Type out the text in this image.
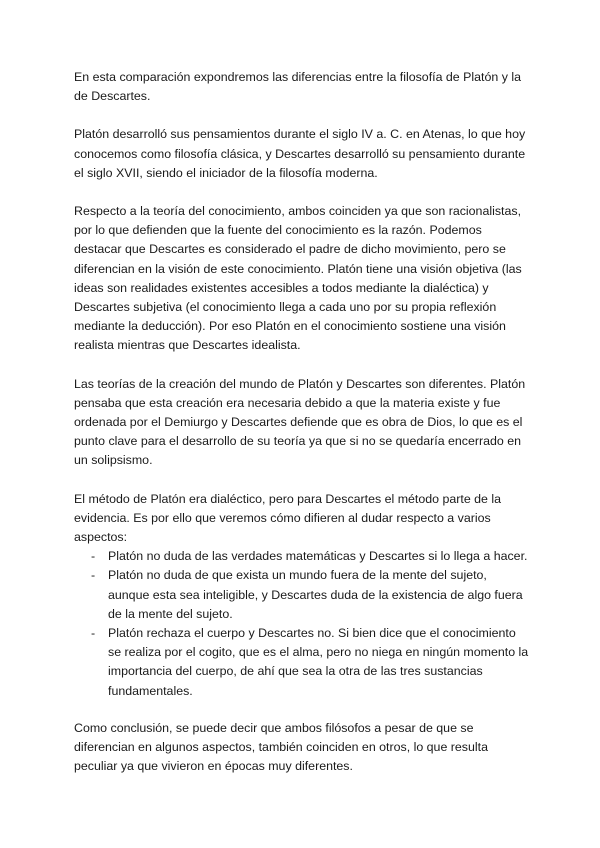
En esta comparación expondremos las diferencias entre la filosofía de Platón y la de Descartes.

Platón desarrolló sus pensamientos durante el siglo IV a. C. en Atenas, lo que hoy conocemos como filosofía clásica, y Descartes desarrolló su pensamiento durante el siglo XVII, siendo el iniciador de la filosofía moderna.

Respecto a la teoría del conocimiento, ambos coinciden ya que son racionalistas, por lo que defienden que la fuente del conocimiento es la razón. Podemos destacar que Descartes es considerado el padre de dicho movimiento, pero se diferencian en la visión de este conocimiento. Platón tiene una visión objetiva (las ideas son realidades existentes accesibles a todos mediante la dialéctica) y Descartes subjetiva (el conocimiento llega a cada uno por su propia reflexión mediante la deducción). Por eso Platón en el conocimiento sostiene una visión realista mientras que Descartes idealista.

Las teorías de la creación del mundo de Platón y Descartes son diferentes. Platón pensaba que esta creación era necesaria debido a que la materia existe y fue ordenada por el Demiurgo y Descartes defiende que es obra de Dios, lo que es el punto clave para el desarrollo de su teoría ya que si no se quedaría encerrado en un solipsismo.

El método de Platón era dialéctico, pero para Descartes el método parte de la evidencia. Es por ello que veremos cómo difieren al dudar respecto a varios aspectos:

- Platón no duda de las verdades matemáticas y Descartes si lo llega a hacer.
- Platón no duda de que exista un mundo fuera de la mente del sujeto, aunque esta sea inteligible, y Descartes duda de la existencia de algo fuera de la mente del sujeto.
- Platón rechaza el cuerpo y Descartes no. Si bien dice que el conocimiento se realiza por el cogito, que es el alma, pero no niega en ningún momento la importancia del cuerpo, de ahí que sea la otra de las tres sustancias fundamentales.

Como conclusión, se puede decir que ambos filósofos a pesar de que se diferencian en algunos aspectos, también coinciden en otros, lo que resulta peculiar ya que vivieron en épocas muy diferentes.
